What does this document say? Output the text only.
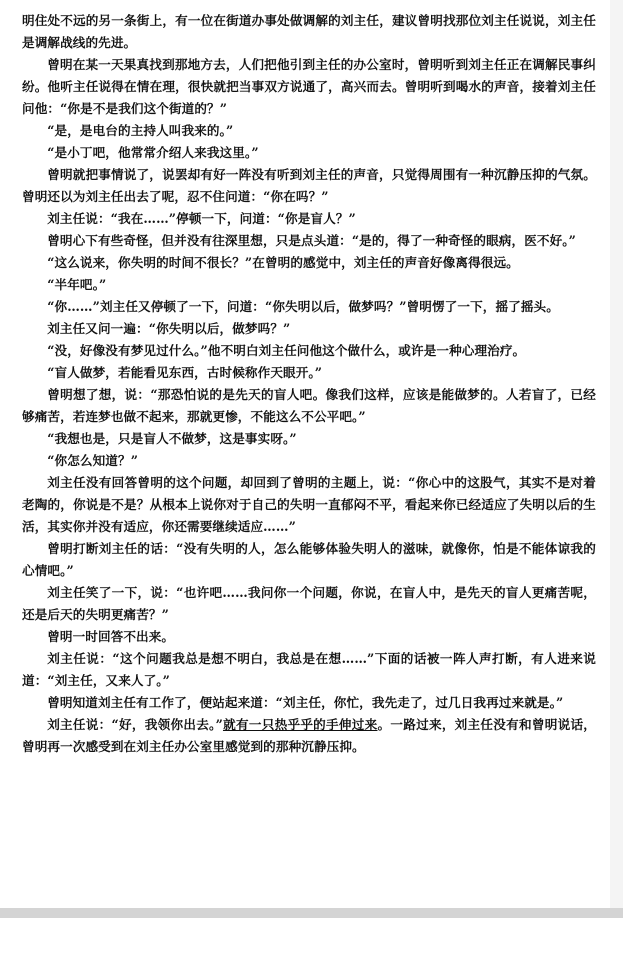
明住处不远的另一条街上，有一位在街道办事处做调解的刘主任，建议曾明找那位刘主任说说，刘主任是调解战线的先进。

曾明在某一天果真找到那地方去，人们把他引到主任的办公室时，曾明听到刘主任正在调解民事纠纷。他听主任说得在情在理，很快就把当事双方说通了，高兴而去。曾明听到喝水的声音，接着刘主任问他：“你是不是我们这个街道的？”

“是，是电台的主持人叫我来的。”

“是小丁吧，他常常介绍人来我这里。”

曾明就把事情说了，说罢却有好一阵没有听到刘主任的声音，只觉得周围有一种沉静压抑的气氛。曾明还以为刘主任出去了呢，忍不住问道：“你在吗？”

刘主任说：“我在……”停顿一下，问道：“你是盲人？”

曾明心下有些奇怪，但并没有往深里想，只是点头道：“是的，得了一种奇怪的眼病，医不好。”

“这么说来，你失明的时间不很长？”在曾明的感觉中，刘主任的声音好像离得很远。

“半年吧。”

“你……”刘主任又停顿了一下，问道：“你失明以后，做梦吗？”曾明愣了一下，摇了摇头。

刘主任又问一遍：“你失明以后，做梦吗？”

“没，好像没有梦见过什么。”他不明白刘主任问他这个做什么，或许是一种心理治疗。

“盲人做梦，若能看见东西，古时候称作天眼开。”

曾明想了想，说：“那恐怕说的是先天的盲人吧。像我们这样，应该是能做梦的。人若盲了，已经够痛苦，若连梦也做不起来，那就更惨，不能这么不公平吧。”

“我想也是，只是盲人不做梦，这是事实呀。”

“你怎么知道？”

刘主任没有回答曾明的这个问题，却回到了曾明的主题上，说：“你心中的这股气，其实不是对着老陶的，你说是不是？从根本上说你对于自己的失明一直郁闷不平，看起来你已经适应了失明以后的生活，其实你并没有适应，你还需要继续适应……”

曾明打断刘主任的话：“没有失明的人，怎么能够体验失明人的滋味，就像你，怕是不能体谅我的心情吧。”

刘主任笑了一下，说：“也许吧……我问你一个问题，你说，在盲人中，是先天的盲人更痛苦呢，还是后天的失明更痛苦？”

曾明一时回答不出来。

刘主任说：“这个问题我总是想不明白，我总是在想……”下面的话被一阵人声打断，有人进来说道：“刘主任，又来人了。”

曾明知道刘主任有工作了，便站起来道：“刘主任，你忙，我先走了，过几日我再过来就是。”

刘主任说：“好，我领你出去。”就有一只热乎乎的手伸过来。一路过来，刘主任没有和曾明说话，曾明再一次感受到在刘主任办公室里感觉到的那种沉静压抑。
